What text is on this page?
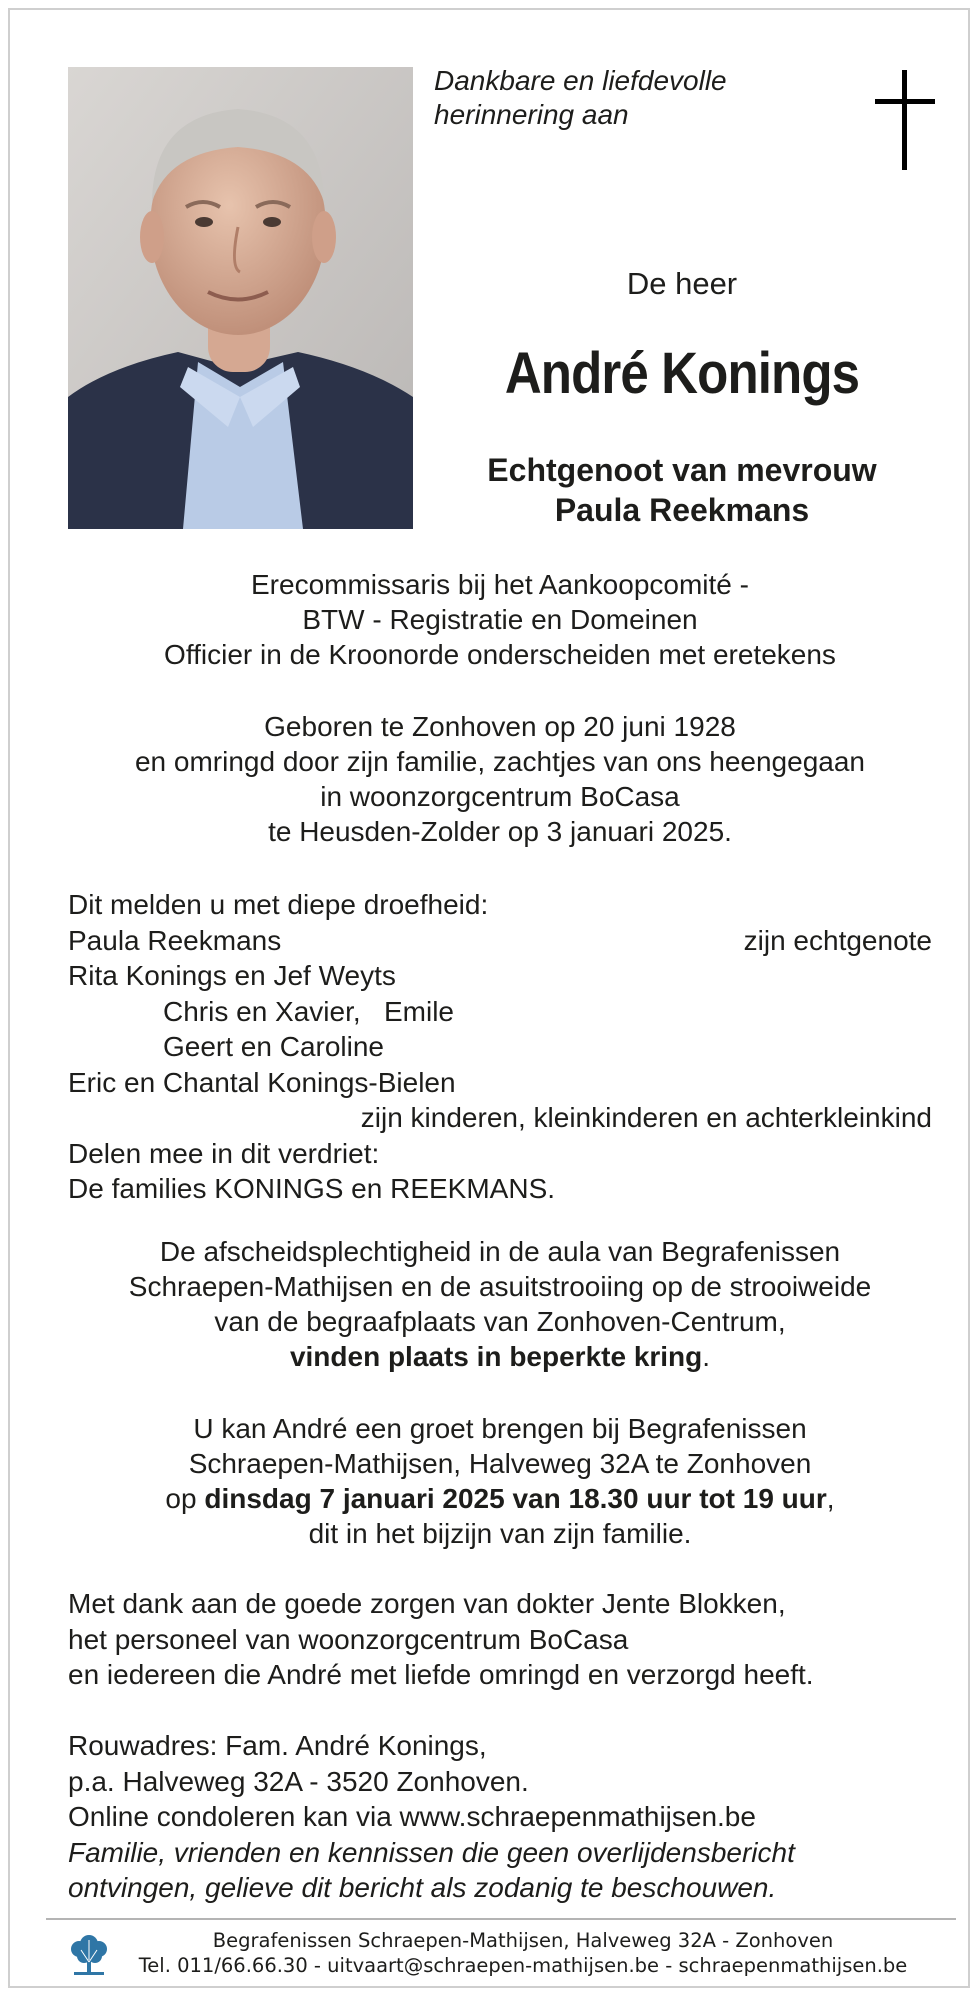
Dankbare en liefdevolle
herinnering aan
De heer
André Konings
Echtgenoot van mevrouw
Paula Reekmans
Erecommissaris bij het Aankoopcomité -
BTW - Registratie en Domeinen
Officier in de Kroonorde onderscheiden met eretekens
Geboren te Zonhoven op 20 juni 1928
en omringd door zijn familie, zachtjes van ons heengegaan
in woonzorgcentrum BoCasa
te Heusden-Zolder op 3 januari 2025.
Dit melden u met diepe droefheid:
Paula Reekmans	zijn echtgenote
Rita Konings en Jef Weyts
Chris en Xavier,   Emile
Geert en Caroline
Eric en Chantal Konings-Bielen
zijn kinderen, kleinkinderen en achterkleinkind
Delen mee in dit verdriet:
De families KONINGS en REEKMANS.
De afscheidsplechtigheid in de aula van Begrafenissen
Schraepen-Mathijsen en de asuitstrooiing op de strooiweide
van de begraafplaats van Zonhoven-Centrum,
vinden plaats in beperkte kring.
U kan André een groet brengen bij Begrafenissen
Schraepen-Mathijsen, Halveweg 32A te Zonhoven
op dinsdag 7 januari 2025 van 18.30 uur tot 19 uur,
dit in het bijzijn van zijn familie.
Met dank aan de goede zorgen van dokter Jente Blokken,
het personeel van woonzorgcentrum BoCasa
en iedereen die André met liefde omringd en verzorgd heeft.
Rouwadres: Fam. André Konings,
p.a. Halveweg 32A - 3520 Zonhoven.
Online condoleren kan via www.schraepenmathijsen.be
Familie, vrienden en kennissen die geen overlijdensbericht
ontvingen, gelieve dit bericht als zodanig te beschouwen.
Begrafenissen Schraepen-Mathijsen, Halveweg 32A - Zonhoven
Tel. 011/66.66.30 - uitvaart@schraepen-mathijsen.be - schraepenmathijsen.be
